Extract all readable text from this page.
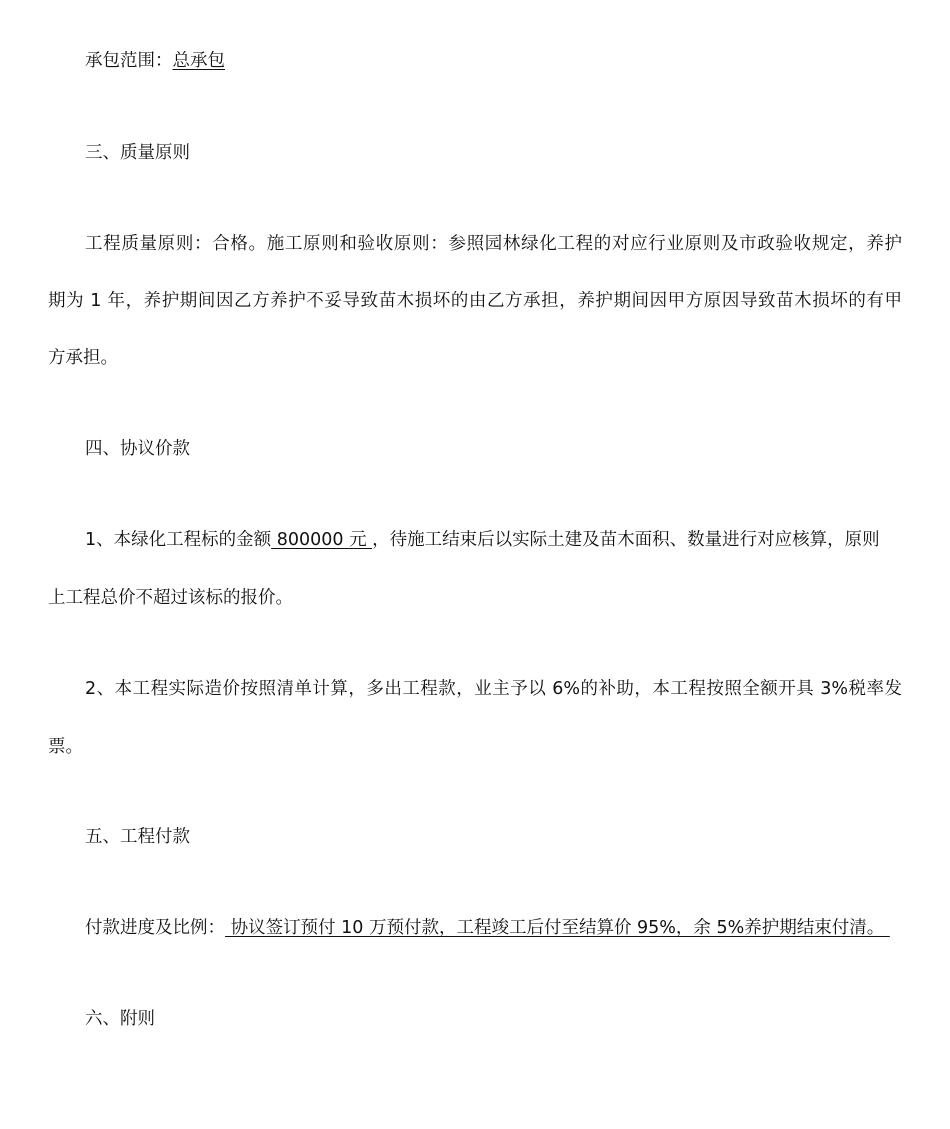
承包范围：总承包
三、质量原则
工程质量原则：合格。施工原则和验收原则：参照园林绿化工程的对应行业原则及市政验收规定，养护
期为 1 年，养护期间因乙方养护不妥导致苗木损坏的由乙方承担，养护期间因甲方原因导致苗木损坏的有甲
方承担。
四、协议价款
1、本绿化工程标的金额 800000 元 ，待施工结束后以实际土建及苗木面积、数量进行对应核算，原则
上工程总价不超过该标的报价。
2、本工程实际造价按照清单计算，多出工程款，业主予以 6%的补助，本工程按照全额开具 3%税率发
票。
五、工程付款
付款进度及比例： 协议签订预付 10 万预付款，工程竣工后付至结算价 95%，余 5%养护期结束付清。
六、附则
